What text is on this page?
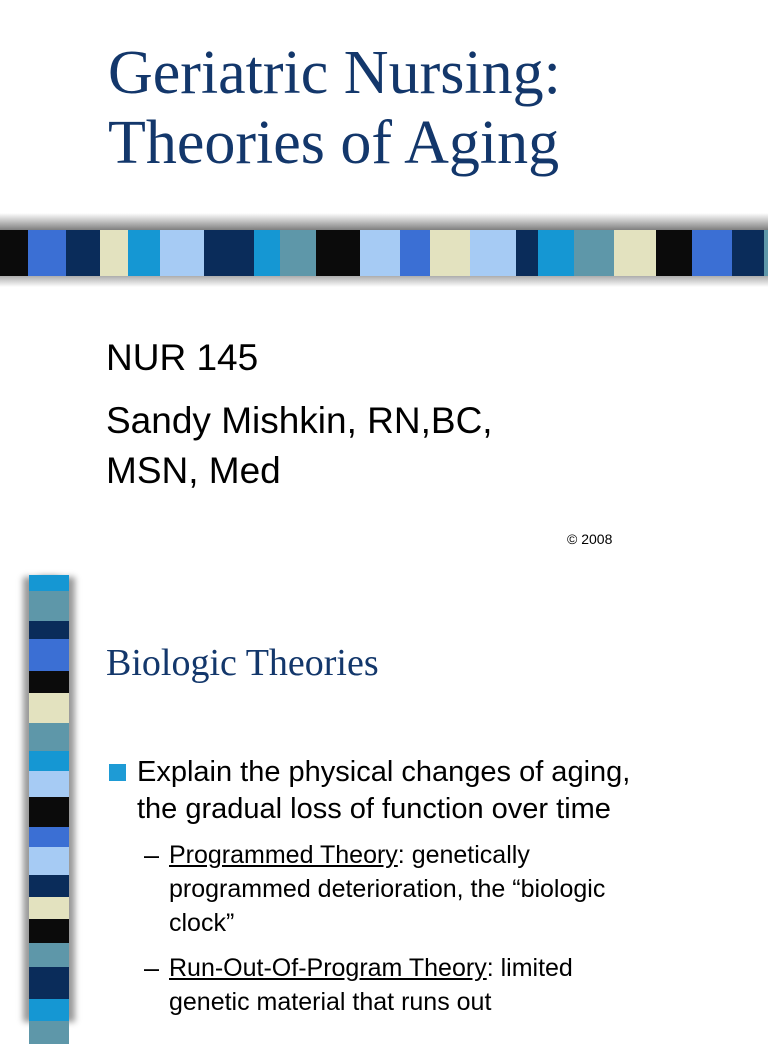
Geriatric Nursing:
Theories of Aging

NUR 145

Sandy Mishkin, RN,BC,

MSN, Med

© 2008
Biologic Theories

Explain the physical changes of aging,
the gradual loss of function over time

– Programmed Theory: genetically
programmed deterioration, the “biologic
clock”

– Run-Out-Of-Program Theory: limited
genetic material that runs out
